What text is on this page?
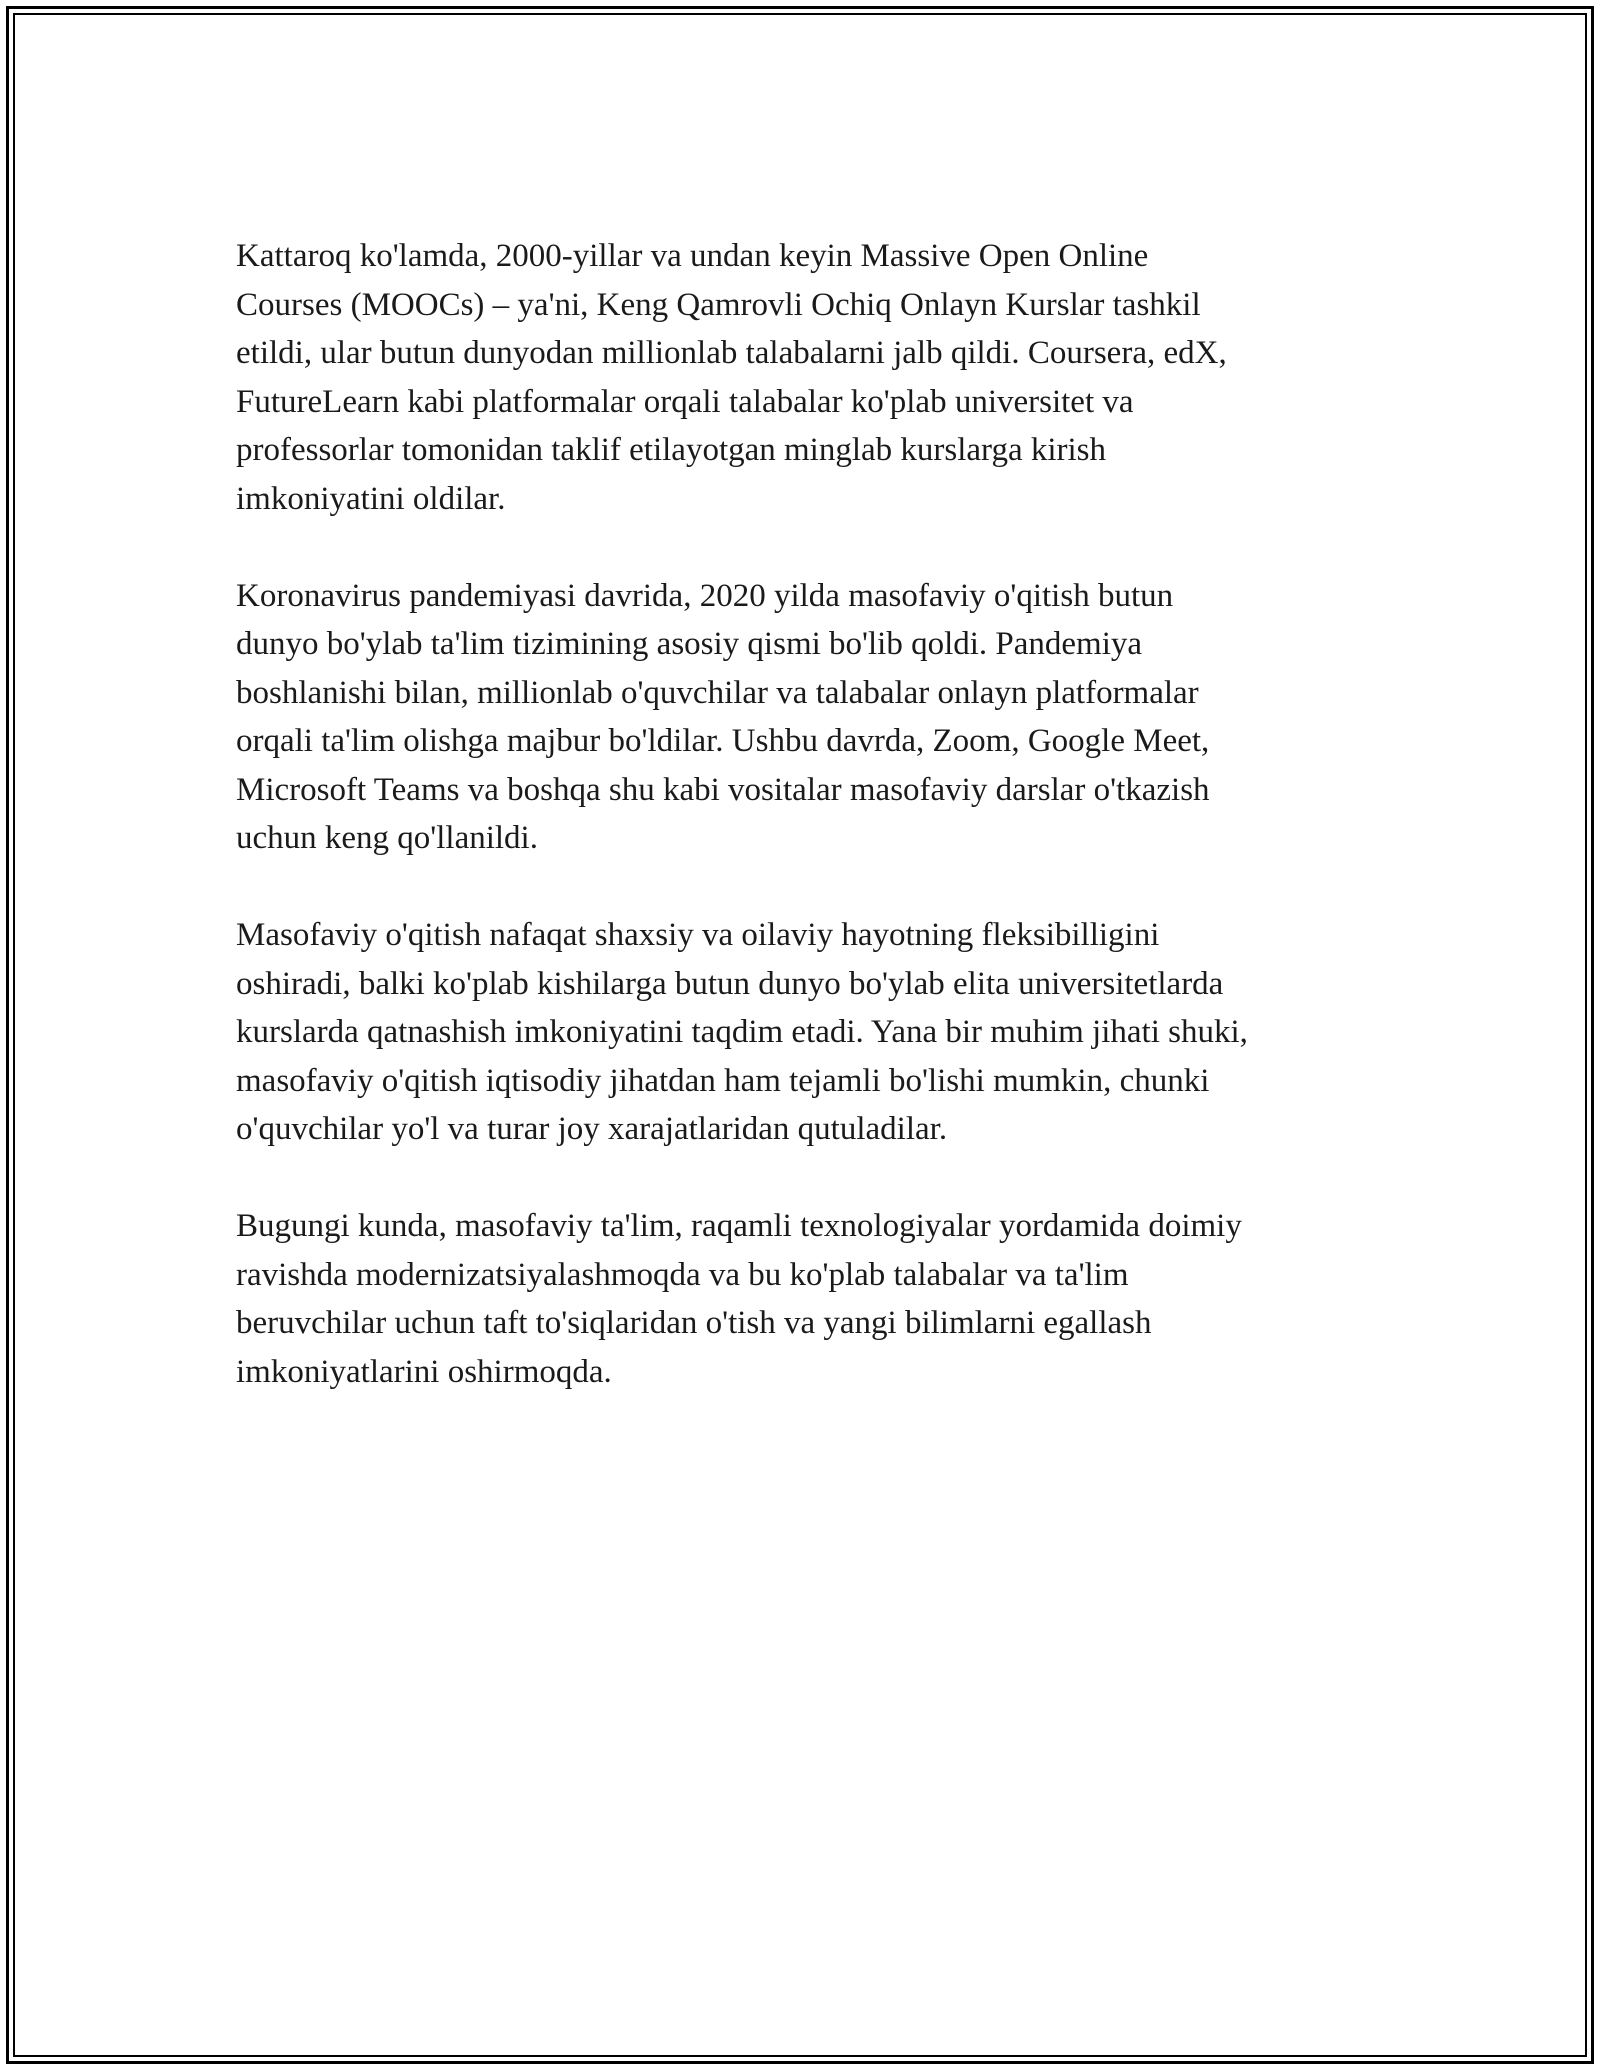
Kattaroq ko'lamda, 2000-yillar va undan keyin Massive Open Online
Courses (MOOCs) – ya'ni, Keng Qamrovli Ochiq Onlayn Kurslar tashkil
etildi, ular butun dunyodan millionlab talabalarni jalb qildi. Coursera, edX,
FutureLearn kabi platformalar orqali talabalar ko'plab universitet va
professorlar tomonidan taklif etilayotgan minglab kurslarga kirish
imkoniyatini oldilar.

Koronavirus pandemiyasi davrida, 2020 yilda masofaviy o'qitish butun
dunyo bo'ylab ta'lim tizimining asosiy qismi bo'lib qoldi. Pandemiya
boshlanishi bilan, millionlab o'quvchilar va talabalar onlayn platformalar
orqali ta'lim olishga majbur bo'ldilar. Ushbu davrda, Zoom, Google Meet,
Microsoft Teams va boshqa shu kabi vositalar masofaviy darslar o'tkazish
uchun keng qo'llanildi.

Masofaviy o'qitish nafaqat shaxsiy va oilaviy hayotning fleksibilligini
oshiradi, balki ko'plab kishilarga butun dunyo bo'ylab elita universitetlarda
kurslarda qatnashish imkoniyatini taqdim etadi. Yana bir muhim jihati shuki,
masofaviy o'qitish iqtisodiy jihatdan ham tejamli bo'lishi mumkin, chunki
o'quvchilar yo'l va turar joy xarajatlaridan qutuladilar.

Bugungi kunda, masofaviy ta'lim, raqamli texnologiyalar yordamida doimiy
ravishda modernizatsiyalashmoqda va bu ko'plab talabalar va ta'lim
beruvchilar uchun taft to'siqlaridan o'tish va yangi bilimlarni egallash
imkoniyatlarini oshirmoqda.
